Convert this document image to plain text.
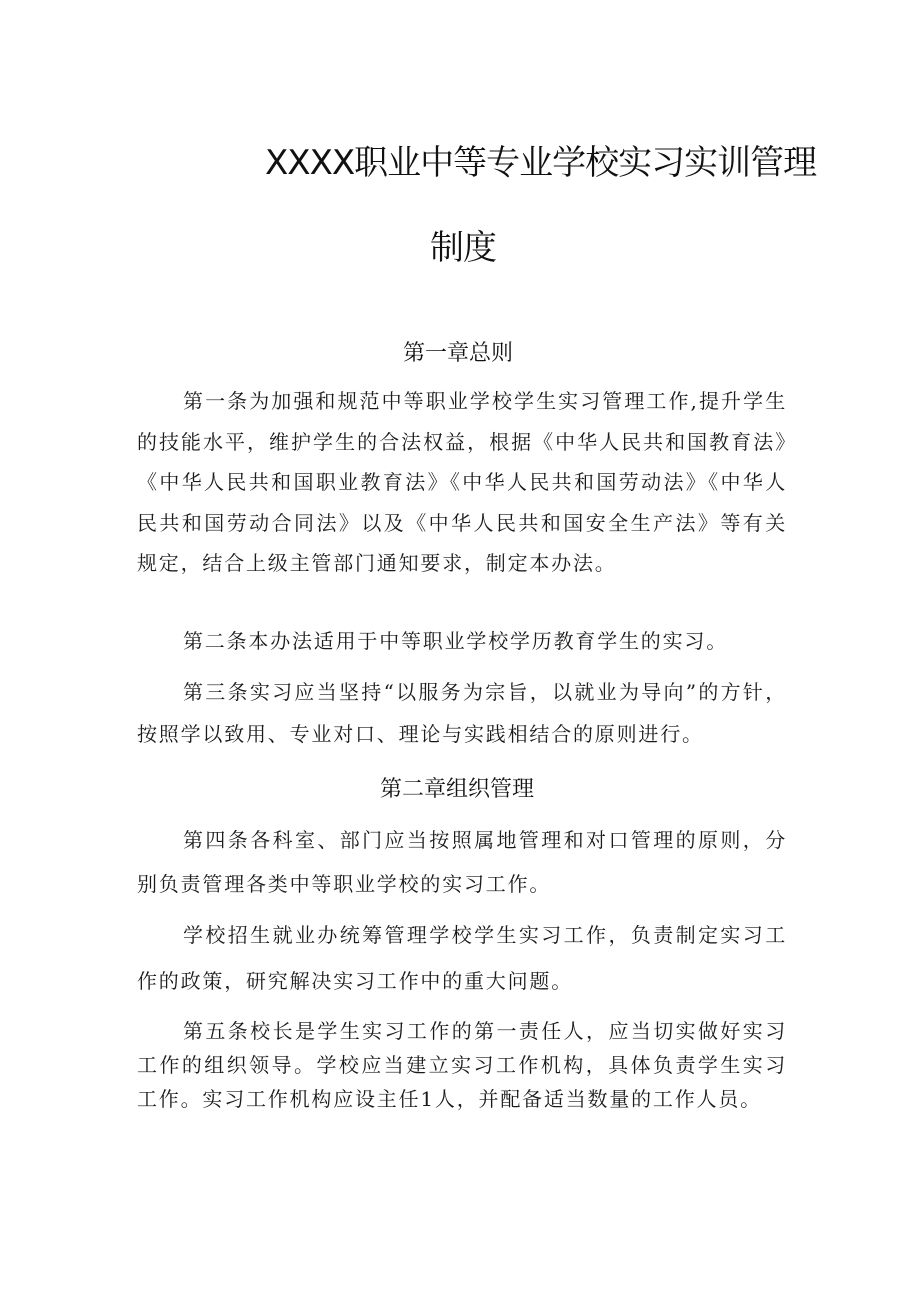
XXXX职业中等专业学校实习实训管理
制度
第一章总则
第一条为加强和规范中等职业学校学生实习管理工作,提升学生的技能水平，维护学生的合法权益，根据《中华人民共和国教育法》《中华人民共和国职业教育法》《中华人民共和国劳动法》《中华人民共和国劳动合同法》以及《中华人民共和国安全生产法》等有关规定，结合上级主管部门通知要求，制定本办法。
第二条本办法适用于中等职业学校学历教育学生的实习。
第三条实习应当坚持“以服务为宗旨，以就业为导向”的方针，按照学以致用、专业对口、理论与实践相结合的原则进行。
第二章组织管理
第四条各科室、部门应当按照属地管理和对口管理的原则，分别负责管理各类中等职业学校的实习工作。
学校招生就业办统筹管理学校学生实习工作，负责制定实习工作的政策，研究解决实习工作中的重大问题。
第五条校长是学生实习工作的第一责任人，应当切实做好实习工作的组织领导。学校应当建立实习工作机构，具体负责学生实习工作。实习工作机构应设主任1人，并配备适当数量的工作人员。
